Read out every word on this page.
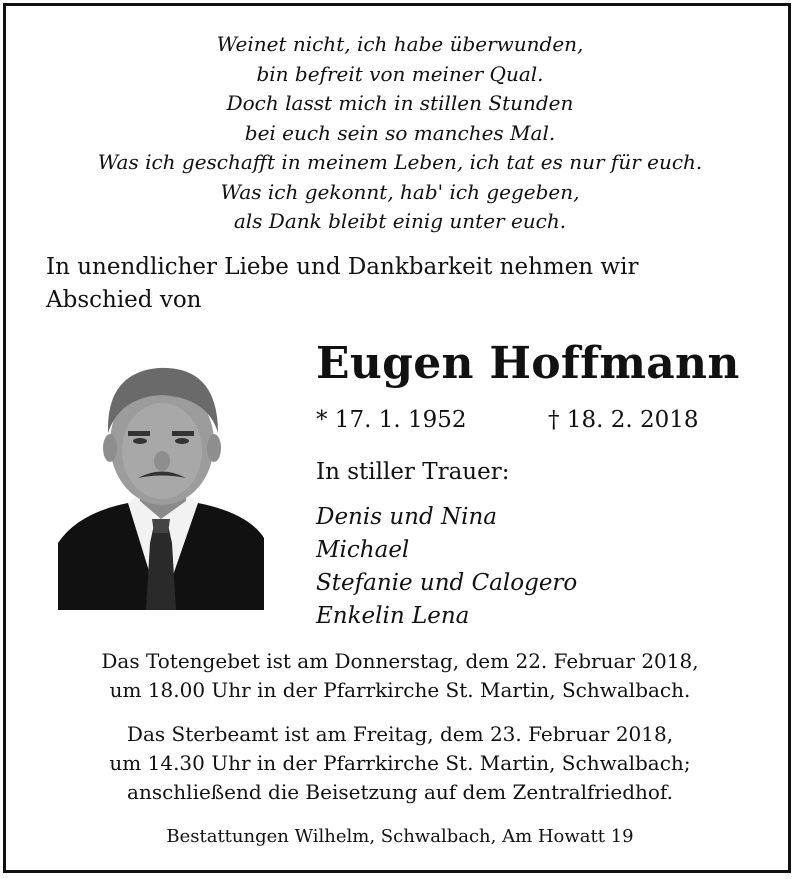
Weinet nicht, ich habe überwunden,
bin befreit von meiner Qual.
Doch lasst mich in stillen Stunden
bei euch sein so manches Mal.
Was ich geschafft in meinem Leben, ich tat es nur für euch.
Was ich gekonnt, hab' ich gegeben,
als Dank bleibt einig unter euch.
In unendlicher Liebe und Dankbarkeit nehmen wir
Abschied von
Eugen Hoffmann
* 17. 1. 1952	† 18. 2. 2018
In stiller Trauer:
Denis und Nina
Michael
Stefanie und Calogero
Enkelin Lena
Das Totengebet ist am Donnerstag, dem 22. Februar 2018,
um 18.00 Uhr in der Pfarrkirche St. Martin, Schwalbach.
Das Sterbeamt ist am Freitag, dem 23. Februar 2018,
um 14.30 Uhr in der Pfarrkirche St. Martin, Schwalbach;
anschließend die Beisetzung auf dem Zentralfriedhof.
Bestattungen Wilhelm, Schwalbach, Am Howatt 19
